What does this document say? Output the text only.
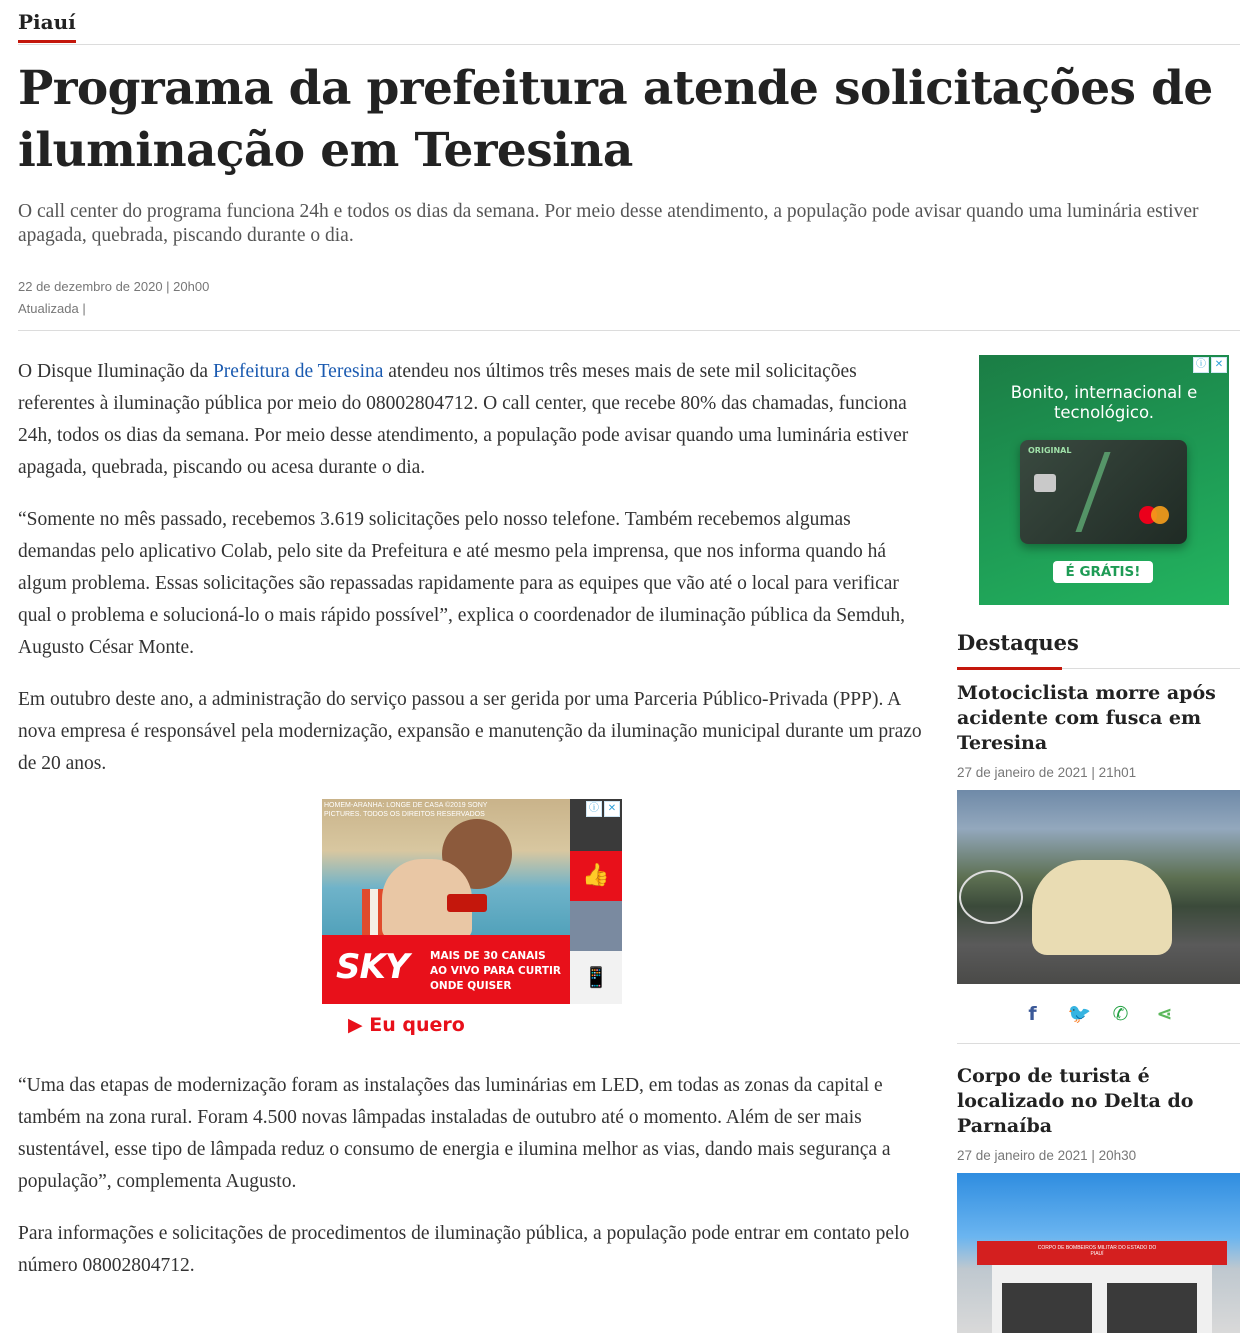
Piauí
Programa da prefeitura atende solicitações de iluminação em Teresina

O call center do programa funciona 24h e todos os dias da semana. Por meio desse atendimento, a população pode avisar quando uma luminária estiver apagada, quebrada, piscando durante o dia.

22 de dezembro de 2020 | 20h00
Atualizada |

O Disque Iluminação da Prefeitura de Teresina atendeu nos últimos três meses mais de sete mil solicitações referentes à iluminação pública por meio do 08002804712. O call center, que recebe 80% das chamadas, funciona 24h, todos os dias da semana. Por meio desse atendimento, a população pode avisar quando uma luminária estiver apagada, quebrada, piscando ou acesa durante o dia.

“Somente no mês passado, recebemos 3.619 solicitações pelo nosso telefone. Também recebemos algumas demandas pelo aplicativo Colab, pelo site da Prefeitura e até mesmo pela imprensa, que nos informa quando há algum problema. Essas solicitações são repassadas rapidamente para as equipes que vão até o local para verificar qual o problema e solucioná-lo o mais rápido possível”, explica o coordenador de iluminação pública da Semduh, Augusto César Monte.

Em outubro deste ano, a administração do serviço passou a ser gerida por uma Parceria Público-Privada (PPP). A nova empresa é responsável pela modernização, expansão e manutenção da iluminação municipal durante um prazo de 20 anos.

“Uma das etapas de modernização foram as instalações das luminárias em LED, em todas as zonas da capital e também na zona rural. Foram 4.500 novas lâmpadas instaladas de outubro até o momento. Além de ser mais sustentável, esse tipo de lâmpada reduz o consumo de energia e ilumina melhor as vias, dando mais segurança a população”, complementa Augusto.

Para informações e solicitações de procedimentos de iluminação pública, a população pode entrar em contato pelo número 08002804712.

HOMEM-ARANHA: LONGE DE CASA ©2019 SONY PICTURES. TODOS OS DIREITOS RESERVADOS
👍
📱
SKY MAIS DE 30 CANAIS AO VIVO PARA CURTIR ONDE QUISER
▶ Eu quero
ⓘ ✕
Bonito, internacional e tecnológico.
ORIGINAL
É GRÁTIS!
ⓘ ✕
Destaques
Motociclista morre após acidente com fusca em Teresina
27 de janeiro de 2021 | 21h01
f 🐦 ✆ ⋖
Corpo de turista é localizado no Delta do Parnaíba
27 de janeiro de 2021 | 20h30
CORPO DE BOMBEIROS MILITAR DO ESTADO DO PIAUÍ
